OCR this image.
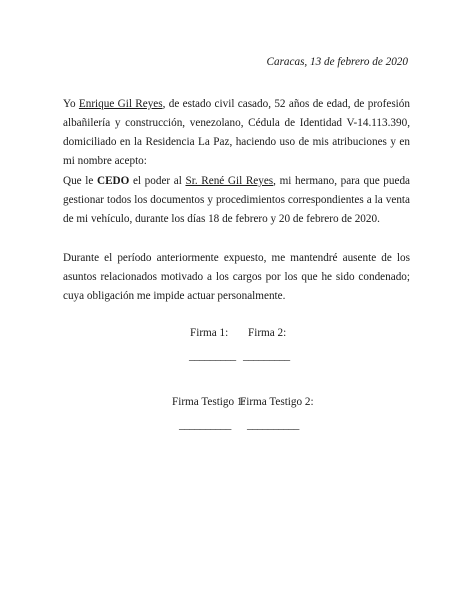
Caracas, 13 de febrero de 2020
Yo Enrique Gil Reyes, de estado civil casado, 52 años de edad, de profesión albañilería y construcción, venezolano, Cédula de Identidad V-14.113.390, domiciliado en la Residencia La Paz, haciendo uso de mis atribuciones y en mi nombre acepto:
Que le CEDO el poder al Sr. René Gil Reyes, mi hermano, para que pueda gestionar todos los documentos y procedimientos correspondientes a la venta de mi vehículo, durante los días 18 de febrero y 20 de febrero de 2020.
Durante el período anteriormente expuesto, me mantendré ausente de los asuntos relacionados motivado a los cargos por los que he sido condenado; cuya obligación me impide actuar personalmente.
Firma 1: Firma 2:
_________ _________
Firma Testigo 1:
Firma Testigo 2:
__________ __________
